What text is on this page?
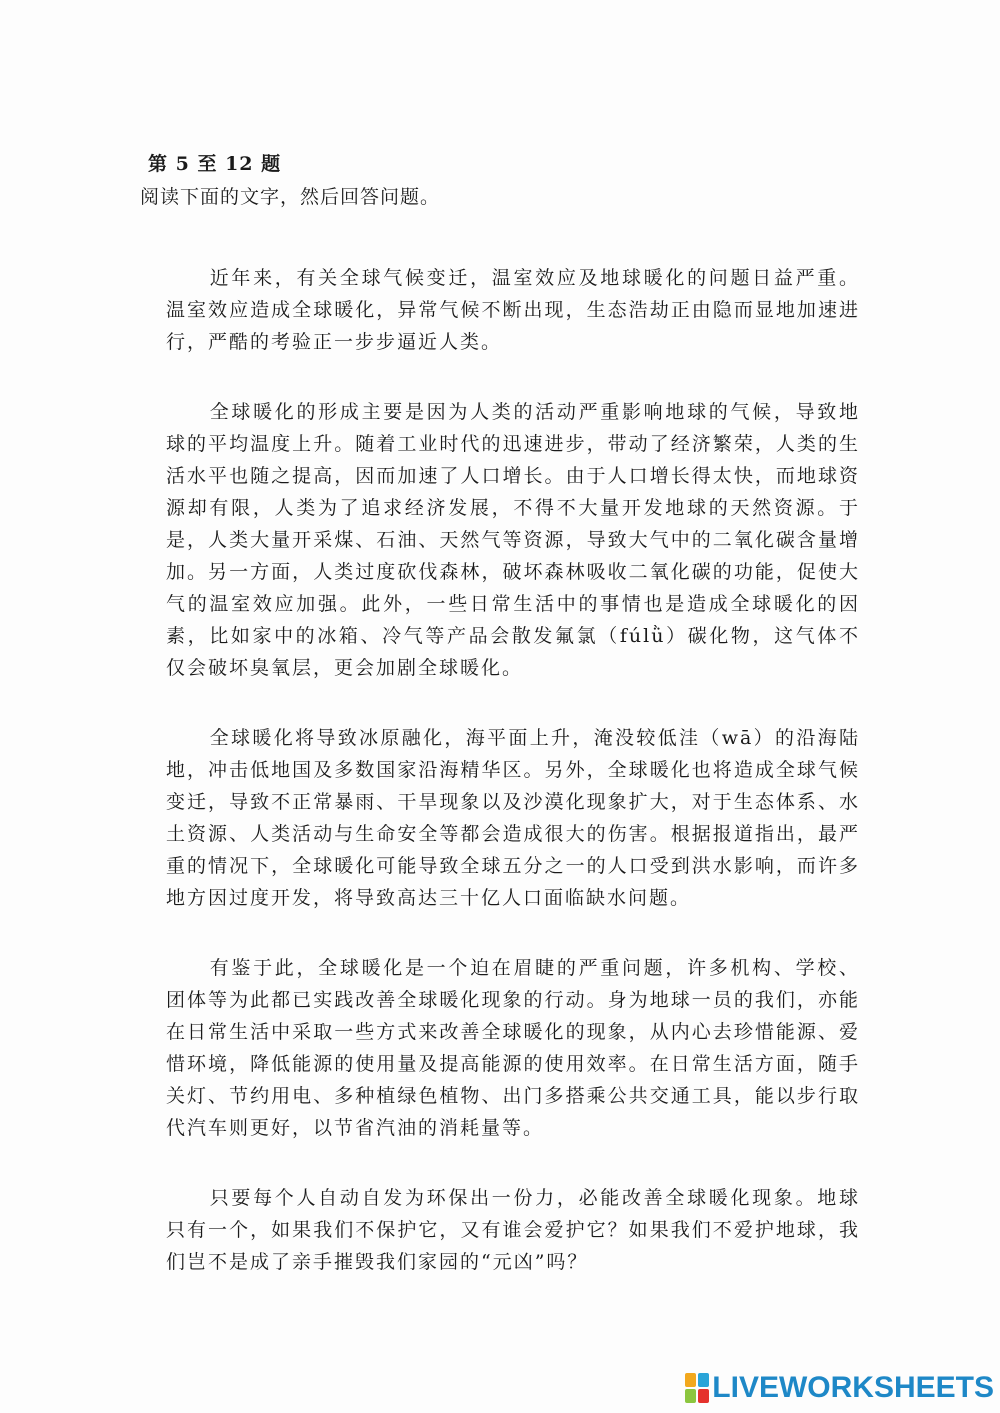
第 5 至 12 题
阅读下面的文字，然后回答问题。

近年来，有关全球气候变迁，温室效应及地球暖化的问题日益严重。温室效应造成全球暖化，异常气候不断出现，生态浩劫正由隐而显地加速进行，严酷的考验正一步步逼近人类。

全球暖化的形成主要是因为人类的活动严重影响地球的气候，导致地球的平均温度上升。随着工业时代的迅速进步，带动了经济繁荣，人类的生活水平也随之提高，因而加速了人口增长。由于人口增长得太快，而地球资源却有限，人类为了追求经济发展，不得不大量开发地球的天然资源。于是，人类大量开采煤、石油、天然气等资源，导致大气中的二氧化碳含量增加。另一方面，人类过度砍伐森林，破坏森林吸收二氧化碳的功能，促使大气的温室效应加强。此外，一些日常生活中的事情也是造成全球暖化的因素，比如家中的冰箱、冷气等产品会散发氟氯（fúlǜ）碳化物，这气体不仅会破坏臭氧层，更会加剧全球暖化。

全球暖化将导致冰原融化，海平面上升，淹没较低洼（wā）的沿海陆地，冲击低地国及多数国家沿海精华区。另外，全球暖化也将造成全球气候变迁，导致不正常暴雨、干旱现象以及沙漠化现象扩大，对于生态体系、水土资源、人类活动与生命安全等都会造成很大的伤害。根据报道指出，最严重的情况下，全球暖化可能导致全球五分之一的人口受到洪水影响，而许多地方因过度开发，将导致高达三十亿人口面临缺水问题。

有鉴于此，全球暖化是一个迫在眉睫的严重问题，许多机构、学校、团体等为此都已实践改善全球暖化现象的行动。身为地球一员的我们，亦能在日常生活中采取一些方式来改善全球暖化的现象，从内心去珍惜能源、爱惜环境，降低能源的使用量及提高能源的使用效率。在日常生活方面，随手关灯、节约用电、多种植绿色植物、出门多搭乘公共交通工具，能以步行取代汽车则更好，以节省汽油的消耗量等。

只要每个人自动自发为环保出一份力，必能改善全球暖化现象。地球只有一个，如果我们不保护它，又有谁会爱护它？如果我们不爱护地球，我们岂不是成了亲手摧毁我们家园的“元凶”吗？

LIVEWORKSHEETS
